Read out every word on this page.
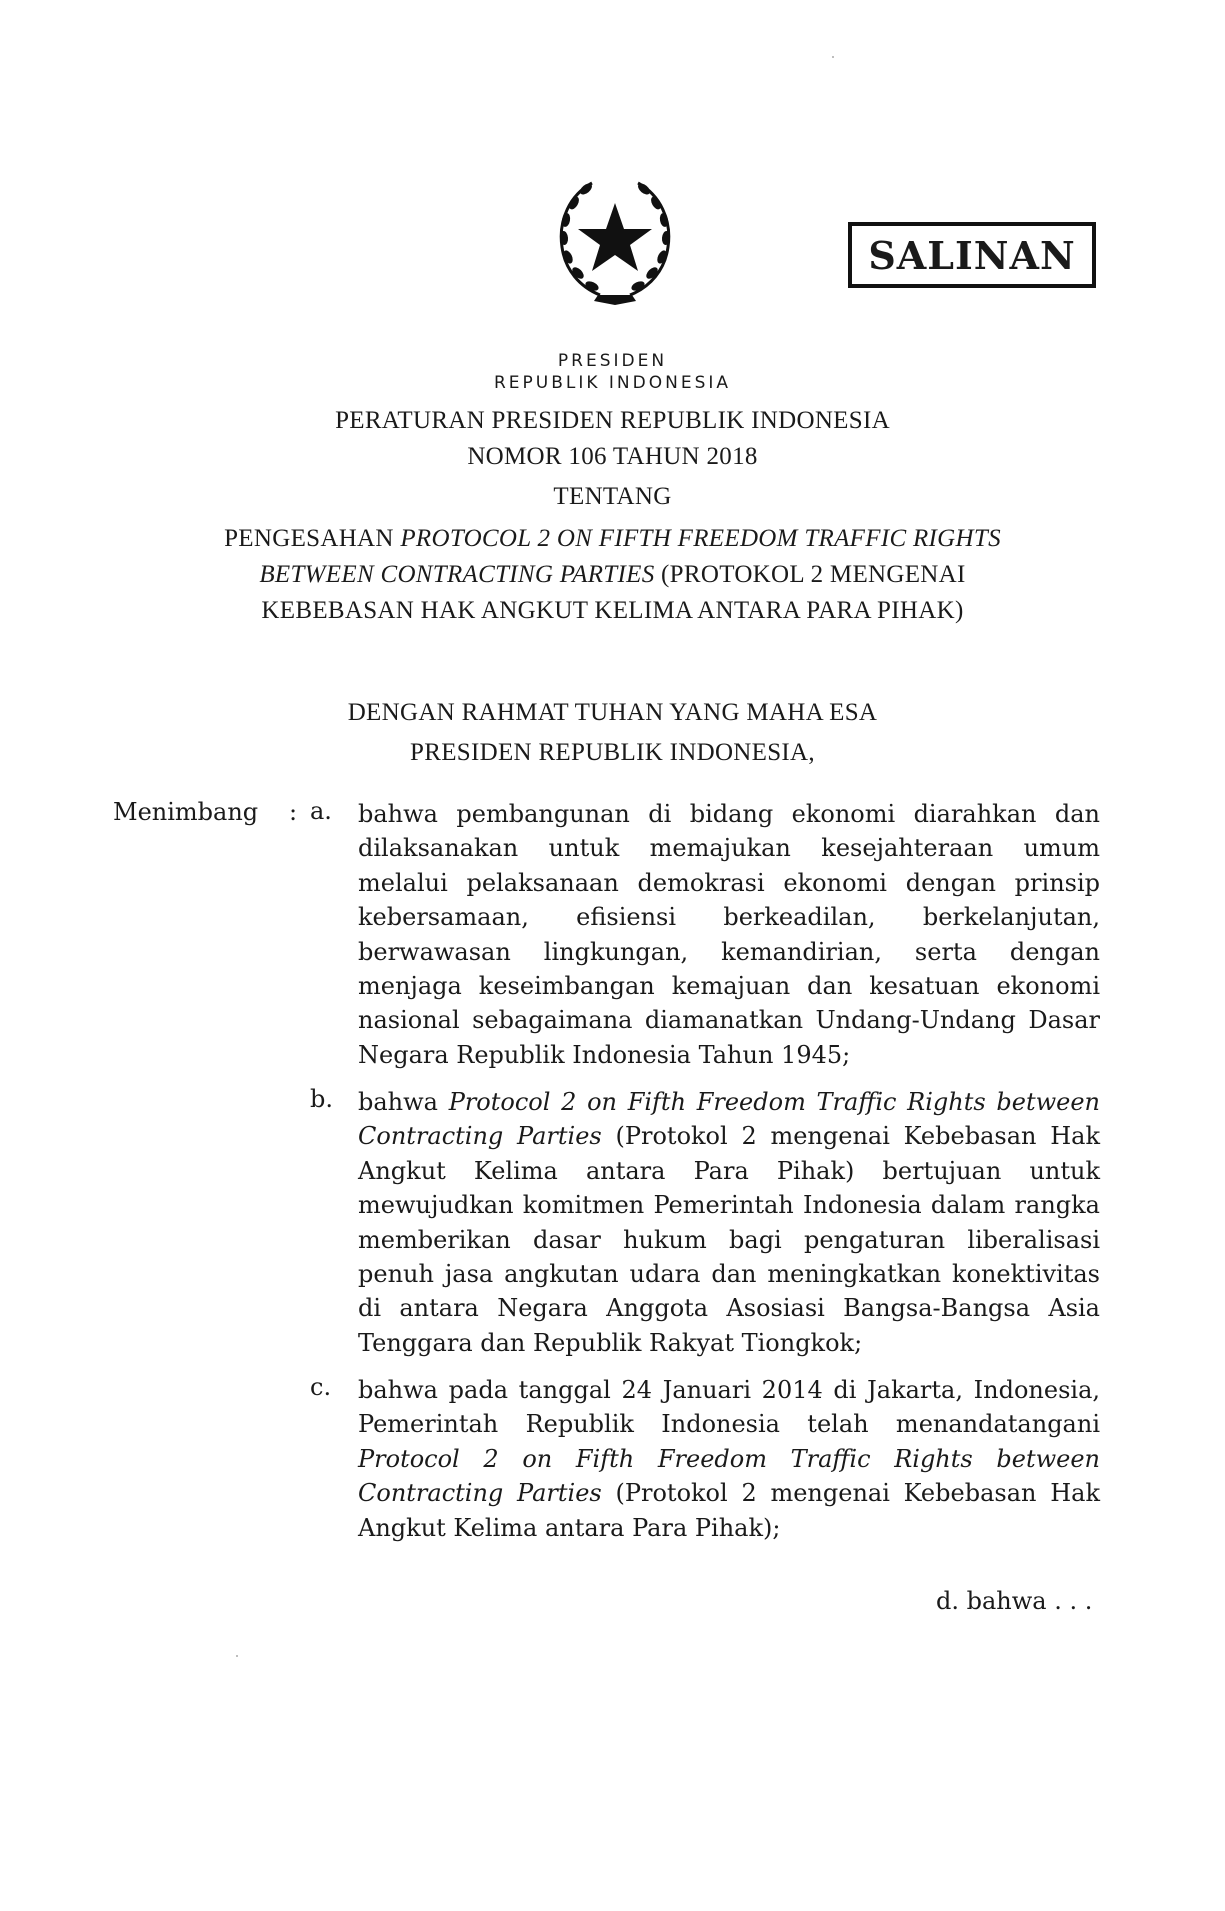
SALINAN
PRESIDEN
REPUBLIK INDONESIA
PERATURAN PRESIDEN REPUBLIK INDONESIA
NOMOR 106 TAHUN 2018
TENTANG
PENGESAHAN PROTOCOL 2 ON FIFTH FREEDOM TRAFFIC RIGHTS
BETWEEN CONTRACTING PARTIES (PROTOKOL 2 MENGENAI
KEBEBASAN HAK ANGKUT KELIMA ANTARA PARA PIHAK)
DENGAN RAHMAT TUHAN YANG MAHA ESA
PRESIDEN REPUBLIK INDONESIA,
Menimbang : a.	bahwa pembangunan di bidang ekonomi diarahkan dan dilaksanakan untuk memajukan kesejahteraan umum melalui pelaksanaan demokrasi ekonomi dengan prinsip kebersamaan, efisiensi berkeadilan, berkelanjutan, berwawasan lingkungan, kemandirian, serta dengan menjaga keseimbangan kemajuan dan kesatuan ekonomi nasional sebagaimana diamanatkan Undang-Undang Dasar Negara Republik Indonesia Tahun 1945;
b.	bahwa Protocol 2 on Fifth Freedom Traffic Rights between Contracting Parties (Protokol 2 mengenai Kebebasan Hak Angkut Kelima antara Para Pihak) bertujuan untuk mewujudkan komitmen Pemerintah Indonesia dalam rangka memberikan dasar hukum bagi pengaturan liberalisasi penuh jasa angkutan udara dan meningkatkan konektivitas di antara Negara Anggota Asosiasi Bangsa-Bangsa Asia Tenggara dan Republik Rakyat Tiongkok;
c.	bahwa pada tanggal 24 Januari 2014 di Jakarta, Indonesia, Pemerintah Republik Indonesia telah menandatangani Protocol 2 on Fifth Freedom Traffic Rights between Contracting Parties (Protokol 2 mengenai Kebebasan Hak Angkut Kelima antara Para Pihak);
d. bahwa . . .
